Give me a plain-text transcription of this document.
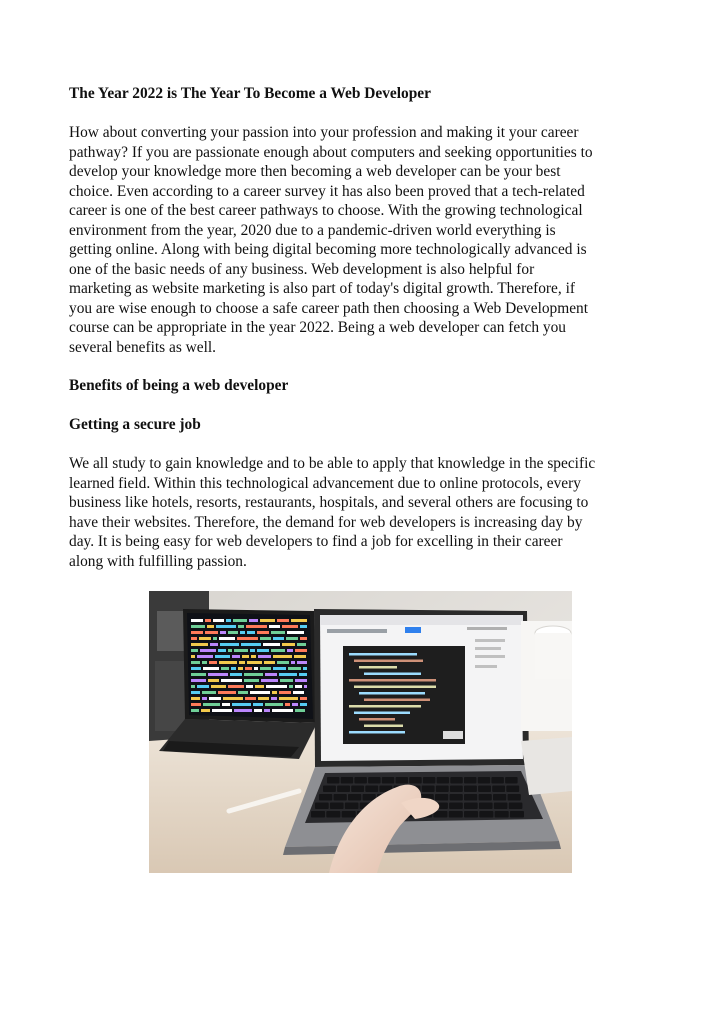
The Year 2022 is The Year To Become a Web Developer

How about converting your passion into your profession and making it your career
pathway? If you are passionate enough about computers and seeking opportunities to
develop your knowledge more then becoming a web developer can be your best
choice. Even according to a career survey it has also been proved that a tech-related
career is one of the best career pathways to choose. With the growing technological
environment from the year, 2020 due to a pandemic-driven world everything is
getting online. Along with being digital becoming more technologically advanced is
one of the basic needs of any business. Web development is also helpful for
marketing as website marketing is also part of today's digital growth. Therefore, if
you are wise enough to choose a safe career path then choosing a Web Development
course can be appropriate in the year 2022. Being a web developer can fetch you
several benefits as well.

Benefits of being a web developer
Getting a secure job

We all study to gain knowledge and to be able to apply that knowledge in the specific
learned field. Within this technological advancement due to online protocols, every
business like hotels, resorts, restaurants, hospitals, and several others are focusing to
have their websites. Therefore, the demand for web developers is increasing day by
day. It is being easy for web developers to find a job for excelling in their career
along with fulfilling passion.
